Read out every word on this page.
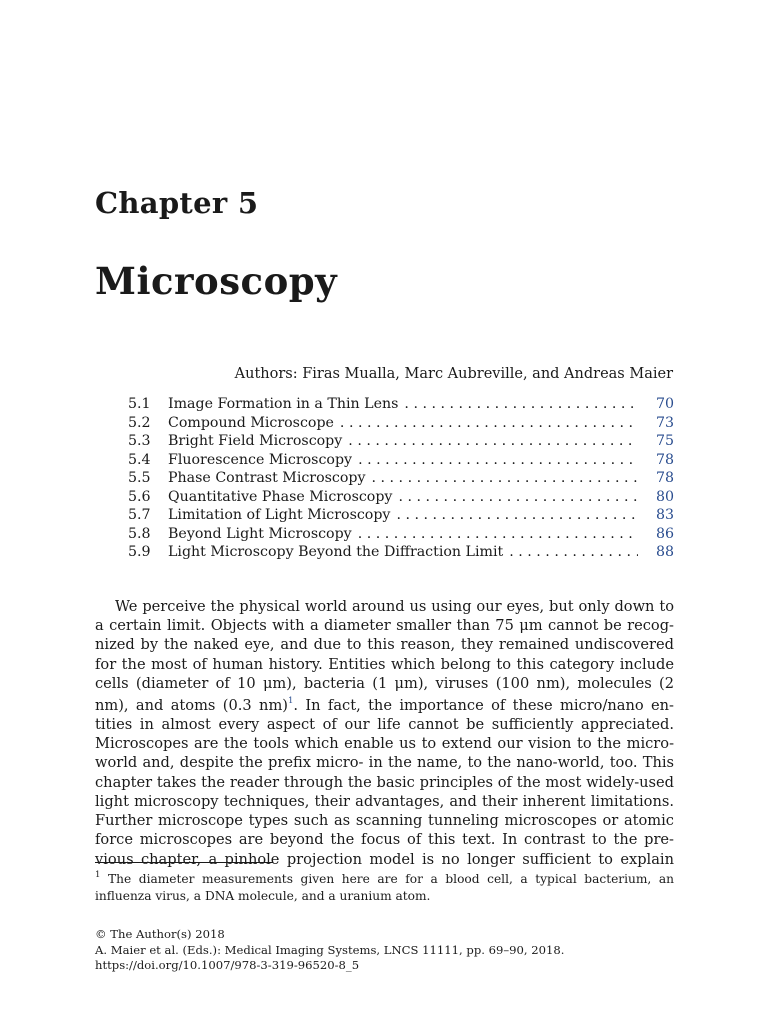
Chapter 5
Microscopy
Authors: Firas Mualla, Marc Aubreville, and Andreas Maier
5.1	Image Formation in a Thin Lens . . .	70
5.2	Compound Microscope . . .	73
5.3	Bright Field Microscopy . . .	75
5.4	Fluorescence Microscopy . . .	78
5.5	Phase Contrast Microscopy . . .	78
5.6	Quantitative Phase Microscopy . . .	80
5.7	Limitation of Light Microscopy . . .	83
5.8	Beyond Light Microscopy . . .	86
5.9	Light Microscopy Beyond the Diffraction Limit . . .	88
We perceive the physical world around us using our eyes, but only down to
a certain limit. Objects with a diameter smaller than 75 μm cannot be recog-
nized by the naked eye, and due to this reason, they remained undiscovered
for the most of human history. Entities which belong to this category include
cells (diameter of 10 μm), bacteria (1 μm), viruses (100 nm), molecules (2
nm), and atoms (0.3 nm)$^1$. In fact, the importance of these micro/nano en-
tities in almost every aspect of our life cannot be sufficiently appreciated.
Microscopes are the tools which enable us to extend our vision to the micro-
world and, despite the prefix micro- in the name, to the nano-world, too. This
chapter takes the reader through the basic principles of the most widely-used
light microscopy techniques, their advantages, and their inherent limitations.
Further microscope types such as scanning tunneling microscopes or atomic
force microscopes are beyond the focus of this text. In contrast to the pre-
vious chapter, a pinhole projection model is no longer sufficient to explain
$^1$ The diameter measurements given here are for a blood cell, a typical bacterium, an
influenza virus, a DNA molecule, and a uranium atom.
© The Author(s) 2018
A. Maier et al. (Eds.): Medical Imaging Systems, LNCS 11111, pp. 69–90, 2018.
https://doi.org/10.1007/978-3-319-96520-8_5
